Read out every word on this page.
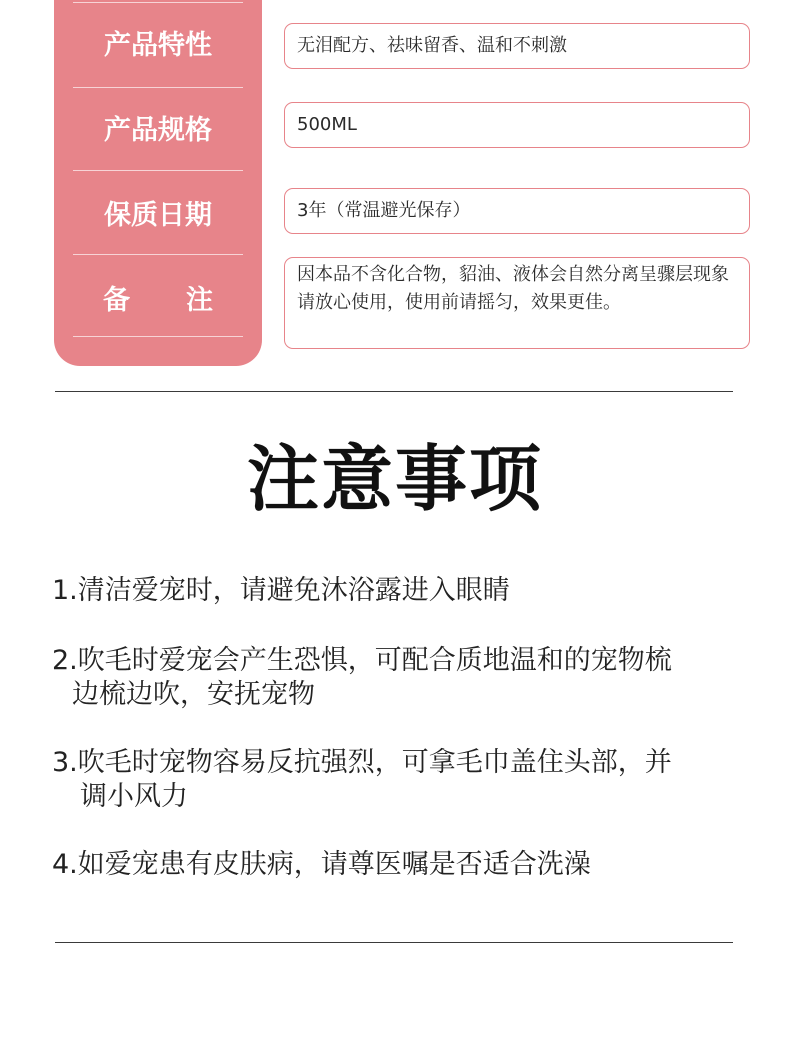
产品特性
产品规格
保质日期
备 注
无泪配方、祛味留香、温和不刺激
500ML
3年（常温避光保存）
因本品不含化合物，貂油、液体会自然分离呈骤层现象 请放心使用，使用前请摇匀，效果更佳。
注意事项
1.清洁爱宠时，请避免沐浴露进入眼睛
2.吹毛时爱宠会产生恐惧，可配合质地温和的宠物梳
边梳边吹，安抚宠物
3.吹毛时宠物容易反抗强烈，可拿毛巾盖住头部，并
调小风力
4.如爱宠患有皮肤病，请尊医嘱是否适合洗澡
